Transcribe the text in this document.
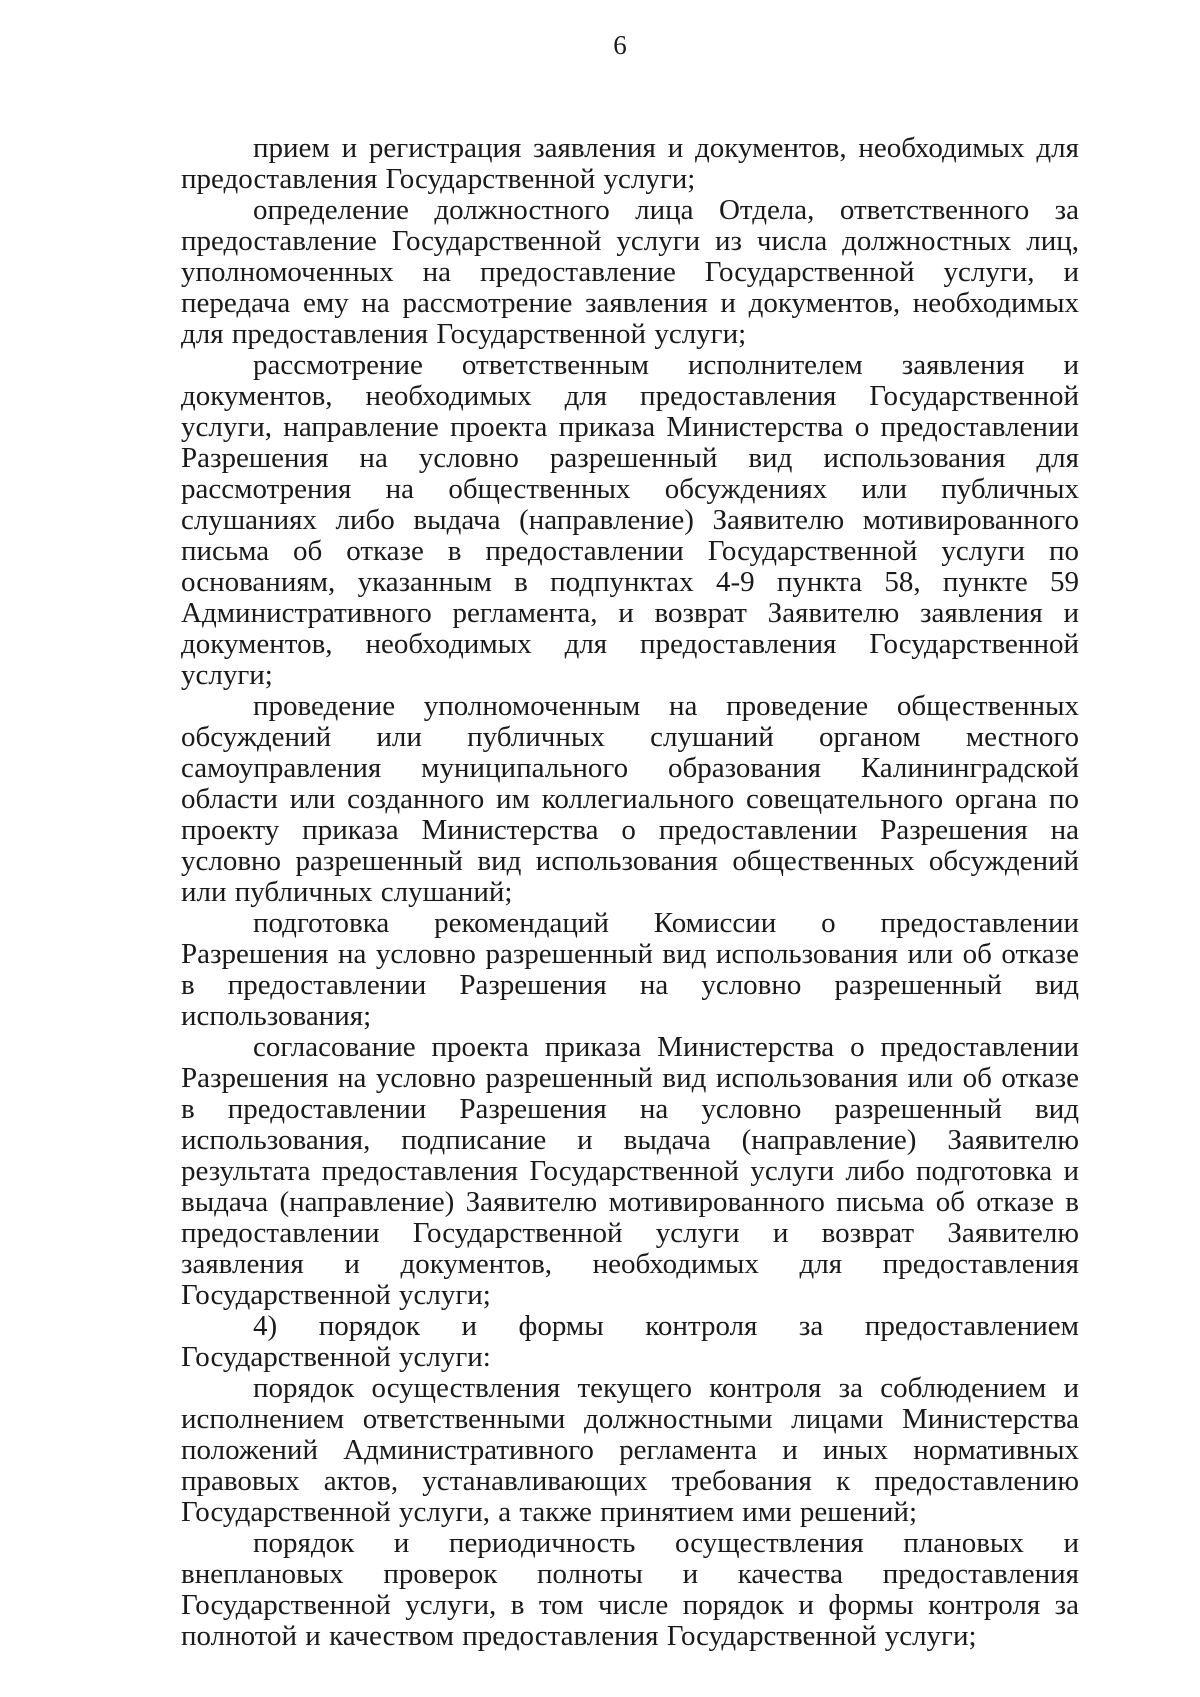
6

прием и регистрация заявления и документов, необходимых для предоставления Государственной услуги;

определение должностного лица Отдела, ответственного за предоставление Государственной услуги из числа должностных лиц, уполномоченных на предоставление Государственной услуги, и передача ему на рассмотрение заявления и документов, необходимых для предоставления Государственной услуги;

рассмотрение ответственным исполнителем заявления и документов, необходимых для предоставления Государственной услуги, направление проекта приказа Министерства о предоставлении Разрешения на условно разрешенный вид использования для рассмотрения на общественных обсуждениях или публичных слушаниях либо выдача (направление) Заявителю мотивированного письма об отказе в предоставлении Государственной услуги по основаниям, указанным в подпунктах 4-9 пункта 58, пункте 59 Административного регламента, и возврат Заявителю заявления и документов, необходимых для предоставления Государственной услуги;

проведение уполномоченным на проведение общественных обсуждений или публичных слушаний органом местного самоуправления муниципального образования Калининградской области или созданного им коллегиального совещательного органа по проекту приказа Министерства о предоставлении Разрешения на условно разрешенный вид использования общественных обсуждений или публичных слушаний;

подготовка рекомендаций Комиссии о предоставлении Разрешения на условно разрешенный вид использования или об отказе в предоставлении Разрешения на условно разрешенный вид использования;

согласование проекта приказа Министерства о предоставлении Разрешения на условно разрешенный вид использования или об отказе в предоставлении Разрешения на условно разрешенный вид использования, подписание и выдача (направление) Заявителю результата предоставления Государственной услуги либо подготовка и выдача (направление) Заявителю мотивированного письма об отказе в предоставлении Государственной услуги и возврат Заявителю заявления и документов, необходимых для предоставления Государственной услуги;

4) порядок и формы контроля за предоставлением Государственной услуги:

порядок осуществления текущего контроля за соблюдением и исполнением ответственными должностными лицами Министерства положений Административного регламента и иных нормативных правовых актов, устанавливающих требования к предоставлению Государственной услуги, а также принятием ими решений;

порядок и периодичность осуществления плановых и внеплановых проверок полноты и качества предоставления Государственной услуги, в том числе порядок и формы контроля за полнотой и качеством предоставления Государственной услуги;
